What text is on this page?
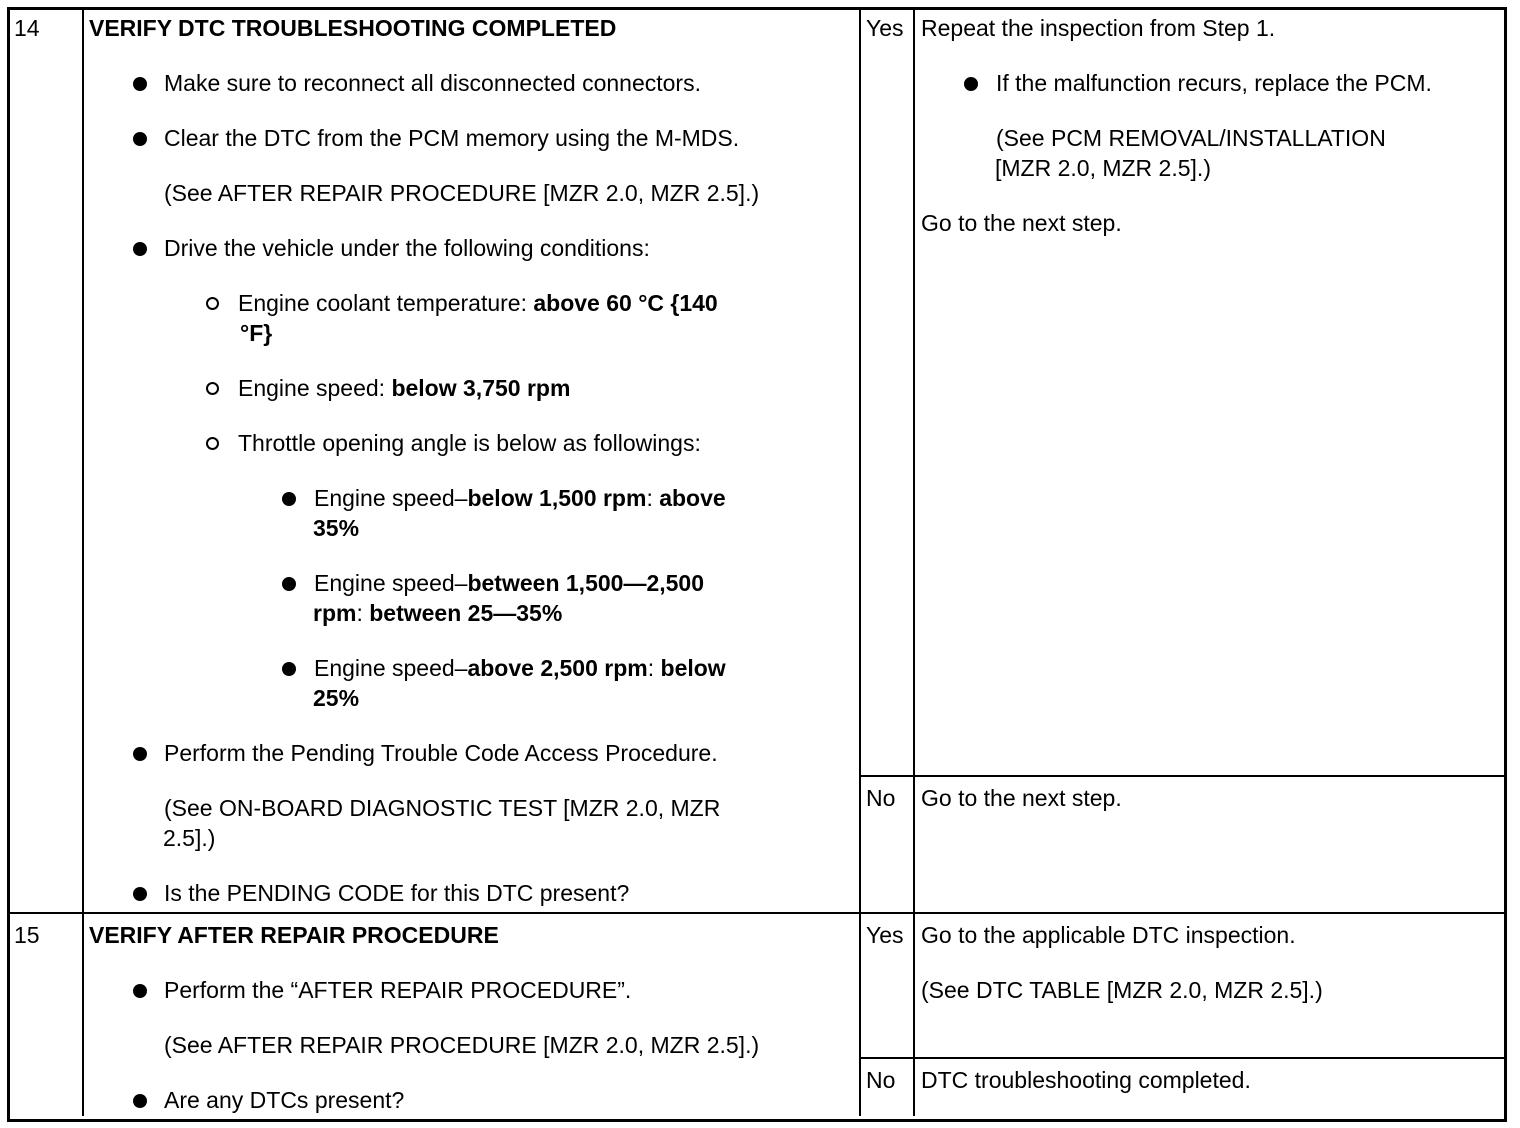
14 VERIFY DTC TROUBLESHOOTING COMPLETED
Make sure to reconnect all disconnected connectors.
Clear the DTC from the PCM memory using the M-MDS.
(See AFTER REPAIR PROCEDURE [MZR 2.0, MZR 2.5].)
Drive the vehicle under the following conditions:
Engine coolant temperature: above 60 °C {140
°F}
Engine speed: below 3,750 rpm
Throttle opening angle is below as followings:
Engine speed–below 1,500 rpm: above
35%
Engine speed–between 1,500—2,500
rpm: between 25—35%
Engine speed–above 2,500 rpm: below
25%
Perform the Pending Trouble Code Access Procedure.
(See ON-BOARD DIAGNOSTIC TEST [MZR 2.0, MZR
2.5].)
Is the PENDING CODE for this DTC present?
Yes Repeat the inspection from Step 1.
If the malfunction recurs, replace the PCM.
(See PCM REMOVAL/INSTALLATION
[MZR 2.0, MZR 2.5].)
Go to the next step.
No Go to the next step.
15 VERIFY AFTER REPAIR PROCEDURE
Perform the “AFTER REPAIR PROCEDURE”.
(See AFTER REPAIR PROCEDURE [MZR 2.0, MZR 2.5].)
Are any DTCs present?
Yes Go to the applicable DTC inspection.
(See DTC TABLE [MZR 2.0, MZR 2.5].)
No DTC troubleshooting completed.
